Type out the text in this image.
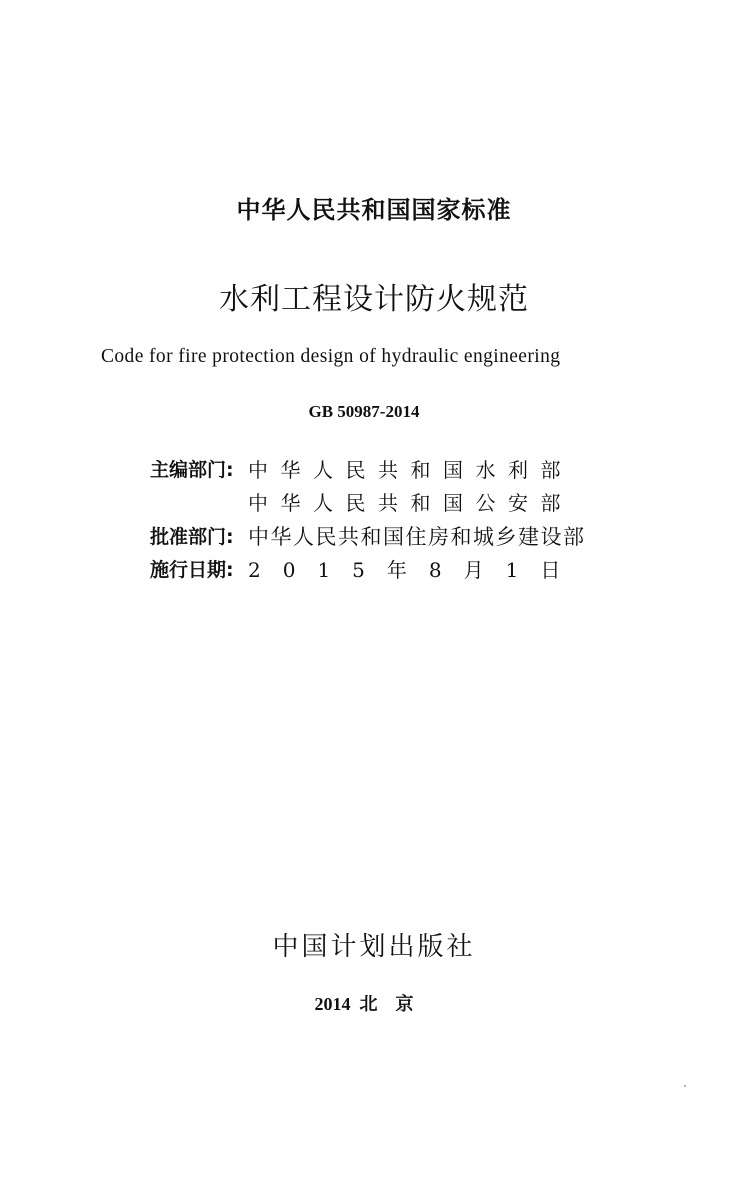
中华人民共和国国家标准
水利工程设计防火规范
Code for fire protection design of hydraulic engineering
GB 50987-2014
主编部门: 中华人民共和国水利部
中华人民共和国公安部
批准部门: 中华人民共和国住房和城乡建设部
施行日期: 2015年8月1日
中国计划出版社
2014  北    京
